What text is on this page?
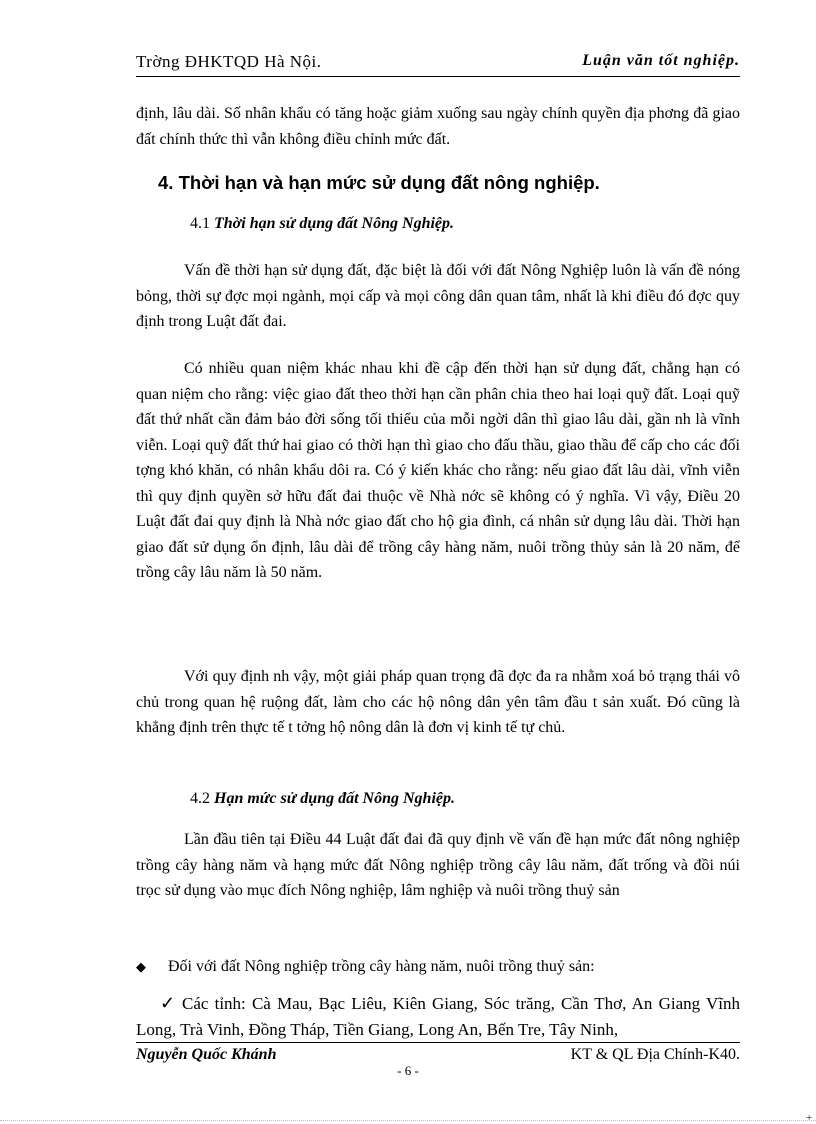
Trờng ĐHKTQD Hà Nội.	Luận văn tốt nghiệp.
định, lâu dài. Số nhân khẩu có tăng hoặc giảm xuống sau ngày chính quyền địa phơng đã giao đất chính thức thì vẫn không điều chỉnh mức đất.
4. Thời hạn và hạn mức sử dụng đất nông nghiệp.
4.1 Thời hạn sử dụng đất Nông Nghiệp.
Vấn đề thời hạn sử dụng đất, đặc biệt là đối với đất Nông Nghiệp luôn là vấn đề nóng bỏng, thời sự đợc mọi ngành, mọi cấp và mọi công dân quan tâm, nhất là khi điều đó đợc quy định trong Luật đất đai.
Có nhiều quan niệm khác nhau khi đề cập đến thời hạn sử dụng đất, chẳng hạn có quan niệm cho rằng: việc giao đất theo thời hạn cần phân chia theo hai loại quỹ đất. Loại quỹ đất thứ nhất cần đảm bảo đời sống tối thiểu của mỗi ngời dân thì giao lâu dài, gần nh là vĩnh viễn. Loại quỹ đất thứ hai giao có thời hạn thì giao cho đấu thầu, giao thầu để cấp cho các đối tợng khó khăn, có nhân khẩu dôi ra. Có ý kiến khác cho rằng: nếu giao đất lâu dài, vĩnh viễn thì quy định quyền sở hữu đất đai thuộc về Nhà nớc sẽ không có ý nghĩa. Vì vậy, Điều 20 Luật đất đai quy định là Nhà nớc giao đất cho hộ gia đình, cá nhân sử dụng lâu dài. Thời hạn giao đất sử dụng ổn định, lâu dài để trồng cây hàng năm, nuôi trồng thủy sản là 20 năm, để trồng cây lâu năm là 50 năm.
Với quy định nh vậy, một giải pháp quan trọng đã đợc đa ra nhằm xoá bỏ trạng thái vô chủ trong quan hệ ruộng đất, làm cho các hộ nông dân yên tâm đầu t sản xuất. Đó cũng là khẳng định trên thực tế t tởng hộ nông dân là đơn vị kinh tế tự chủ.
4.2 Hạn mức sử dụng đất Nông Nghiệp.
Lần đầu tiên tại Điều 44 Luật đất đai đã quy định về vấn đề hạn mức đất nông nghiệp trồng cây hàng năm và hạng mức đất Nông nghiệp trồng cây lâu năm, đất trống và đồi núi trọc sử dụng vào mục đích Nông nghiệp, lâm nghiệp và nuôi trồng thuỷ sản
◆ Đối với đất Nông nghiệp trồng cây hàng năm, nuôi trồng thuỷ sản:
✓ Các tỉnh: Cà Mau, Bạc Liêu, Kiên Giang, Sóc trăng, Cần Thơ, An Giang Vĩnh Long, Trà Vinh, Đồng Tháp, Tiền Giang, Long An, Bến Tre, Tây Ninh,
Nguyễn Quốc Khánh	KT & QL Địa Chính-K40.
- 6 -
+
